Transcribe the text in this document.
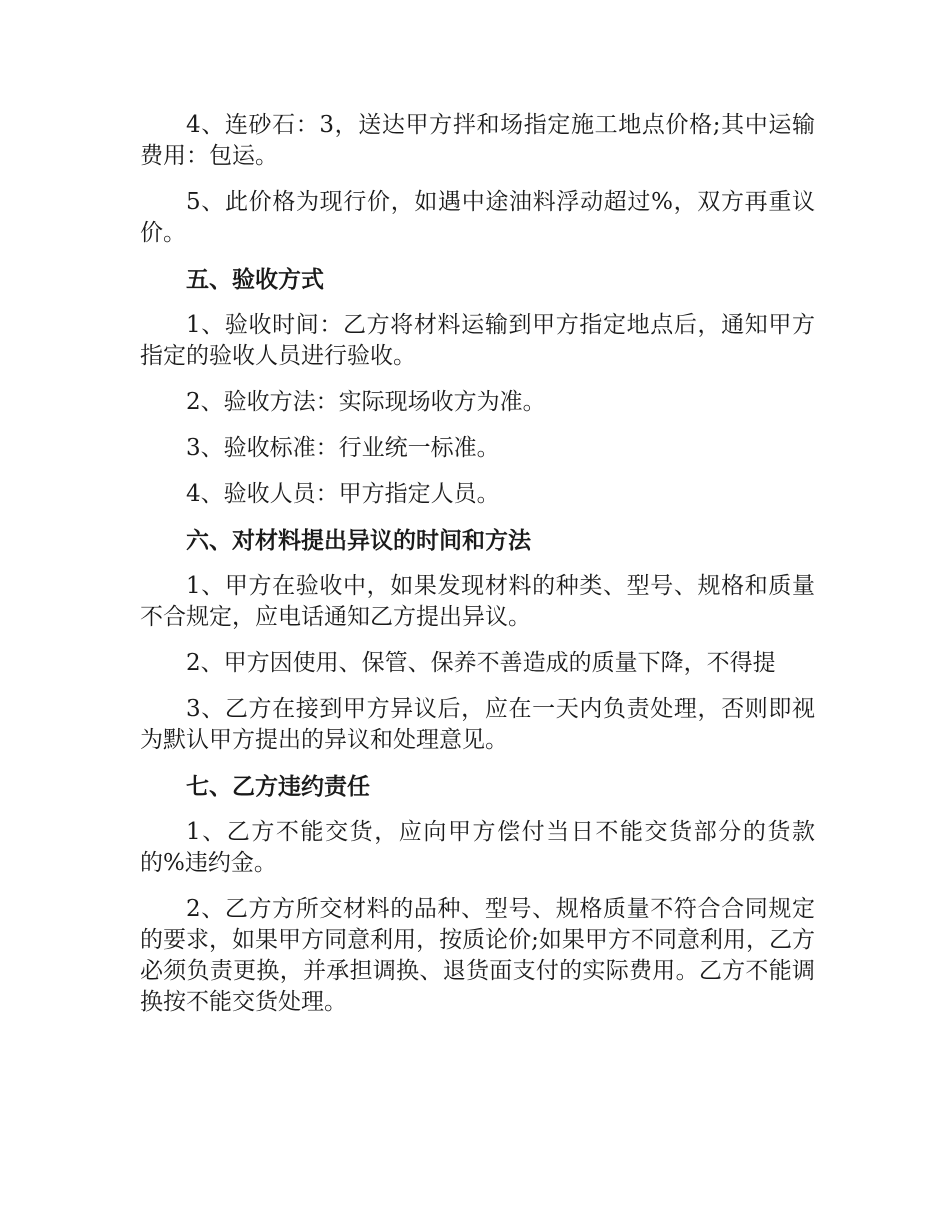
4、连砂石：3，送达甲方拌和场指定施工地点价格;其中运输费用：包运。

5、此价格为现行价，如遇中途油料浮动超过%，双方再重议价。

五、验收方式

1、验收时间：乙方将材料运输到甲方指定地点后，通知甲方指定的验收人员进行验收。

2、验收方法：实际现场收方为准。

3、验收标准：行业统一标准。

4、验收人员：甲方指定人员。

六、对材料提出异议的时间和方法

1、甲方在验收中，如果发现材料的种类、型号、规格和质量不合规定，应电话通知乙方提出异议。

2、甲方因使用、保管、保养不善造成的质量下降，不得提

3、乙方在接到甲方异议后，应在一天内负责处理，否则即视为默认甲方提出的异议和处理意见。

七、乙方违约责任

1、乙方不能交货，应向甲方偿付当日不能交货部分的货款的%违约金。

2、乙方方所交材料的品种、型号、规格质量不符合合同规定的要求，如果甲方同意利用，按质论价;如果甲方不同意利用，乙方必须负责更换，并承担调换、退货面支付的实际费用。乙方不能调换按不能交货处理。
